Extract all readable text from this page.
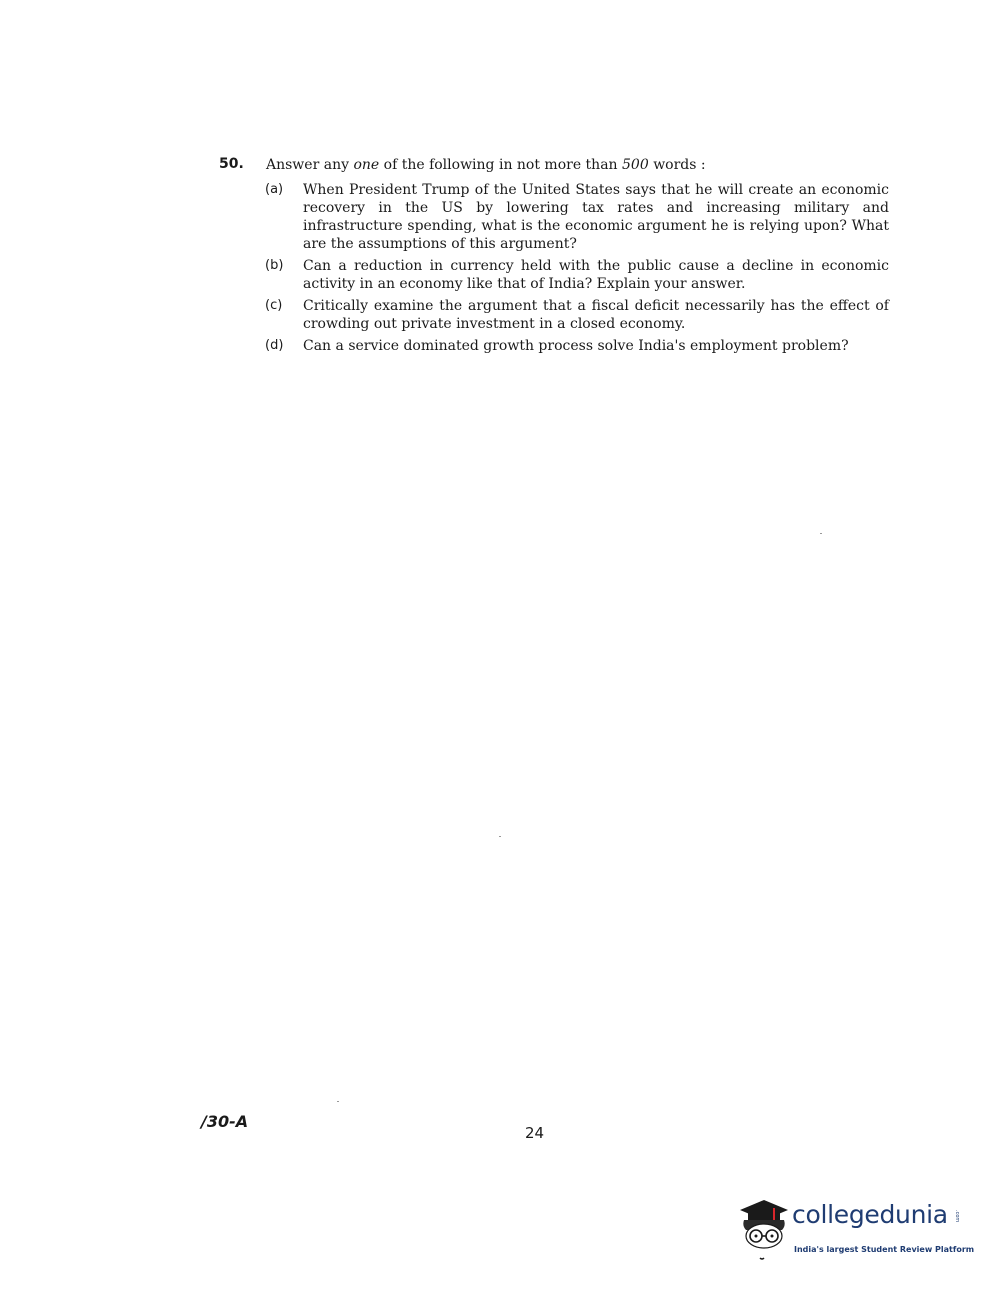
50. Answer any one of the following in not more than 500 words :
(a) When President Trump of the United States says that he will create an economic recovery in the US by lowering tax rates and increasing military and infrastructure spending, what is the economic argument he is relying upon? What are the assumptions of this argument?
(b) Can a reduction in currency held with the public cause a decline in economic activity in an economy like that of India? Explain your answer.
(c) Critically examine the argument that a fiscal deficit necessarily has the effect of crowding out private investment in a closed economy.
(d) Can a service dominated growth process solve India's employment problem?
/30-A
24
collegedunia .com
India's largest Student Review Platform
